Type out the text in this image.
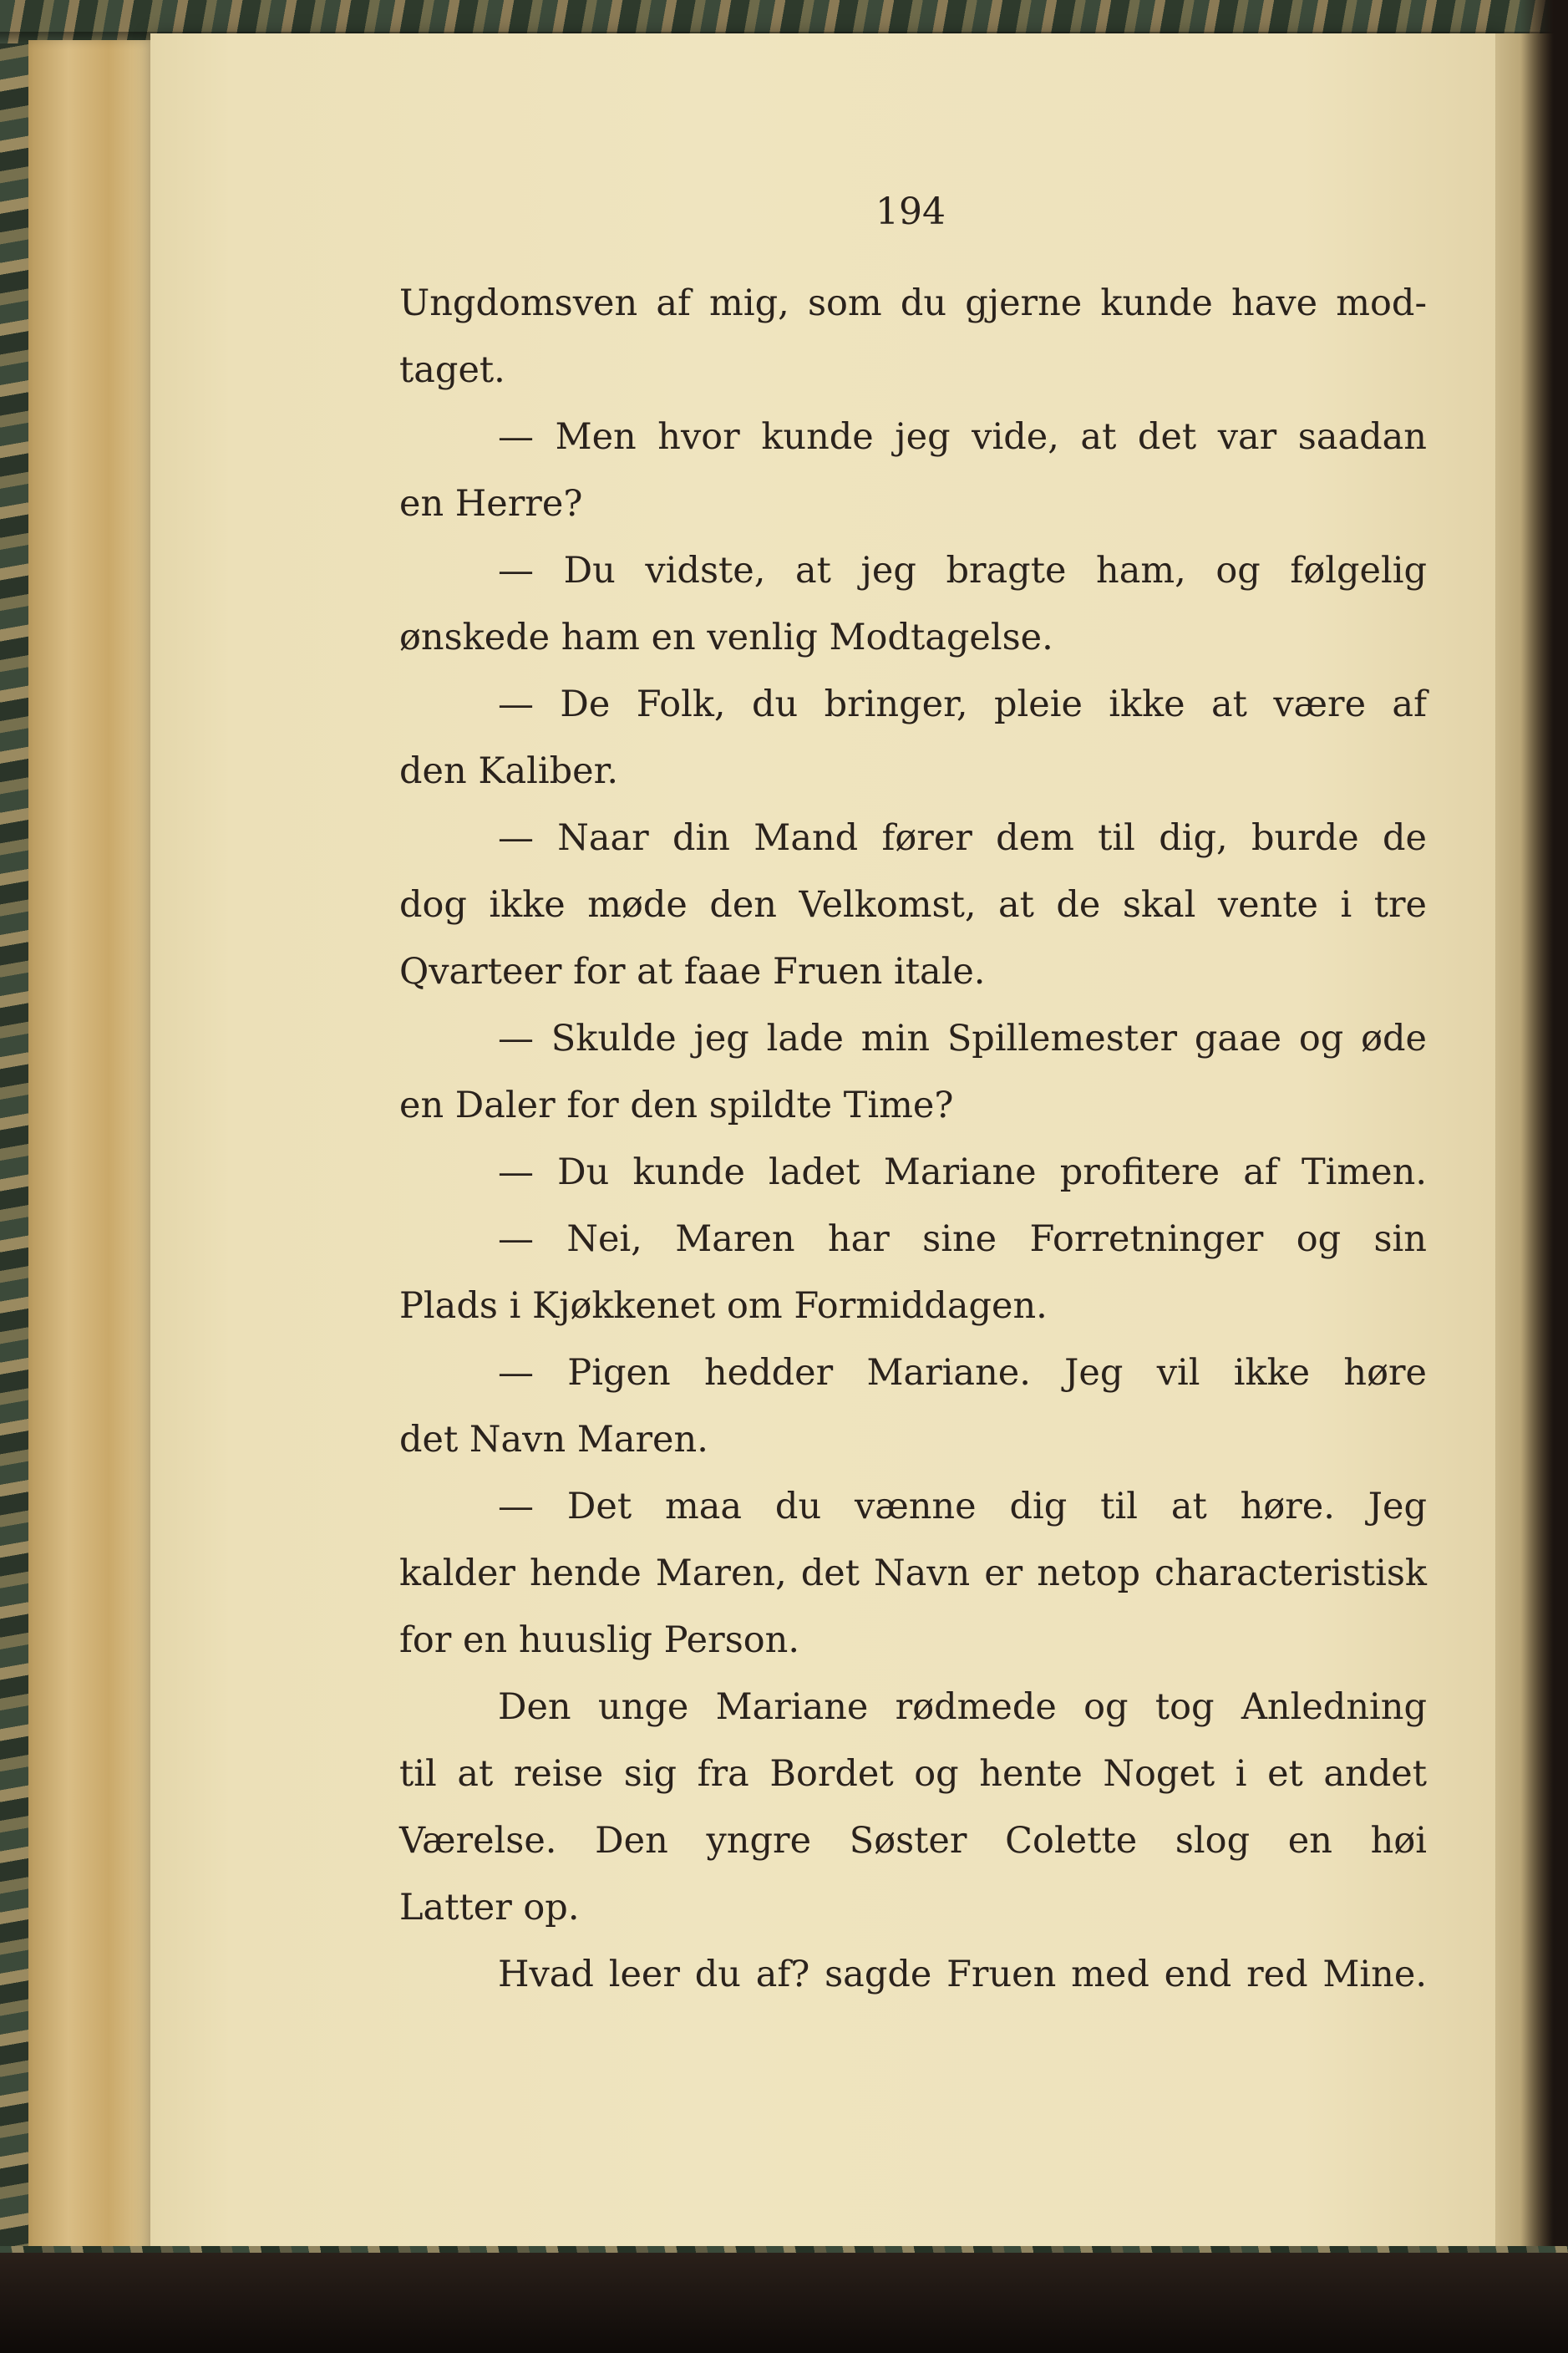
194
Ungdomsven af mig, som du gjerne kunde have mod-
taget.
— Men hvor kunde jeg vide, at det var saadan
en Herre?
— Du vidste, at jeg bragte ham, og følgelig
ønskede ham en venlig Modtagelse.
— De Folk, du bringer, pleie ikke at være af
den Kaliber.
— Naar din Mand fører dem til dig, burde de
dog ikke møde den Velkomst, at de skal vente i tre
Qvarteer for at faae Fruen itale.
— Skulde jeg lade min Spillemester gaae og øde
en Daler for den spildte Time?
— Du kunde ladet Mariane profitere af Timen.
— Nei, Maren har sine Forretninger og sin
Plads i Kjøkkenet om Formiddagen.
— Pigen hedder Mariane. Jeg vil ikke høre
det Navn Maren.
— Det maa du vænne dig til at høre. Jeg
kalder hende Maren, det Navn er netop characteristisk
for en huuslig Person.
Den unge Mariane rødmede og tog Anledning
til at reise sig fra Bordet og hente Noget i et andet
Værelse. Den yngre Søster Colette slog en høi
Latter op.
Hvad leer du af? sagde Fruen med end red Mine.
